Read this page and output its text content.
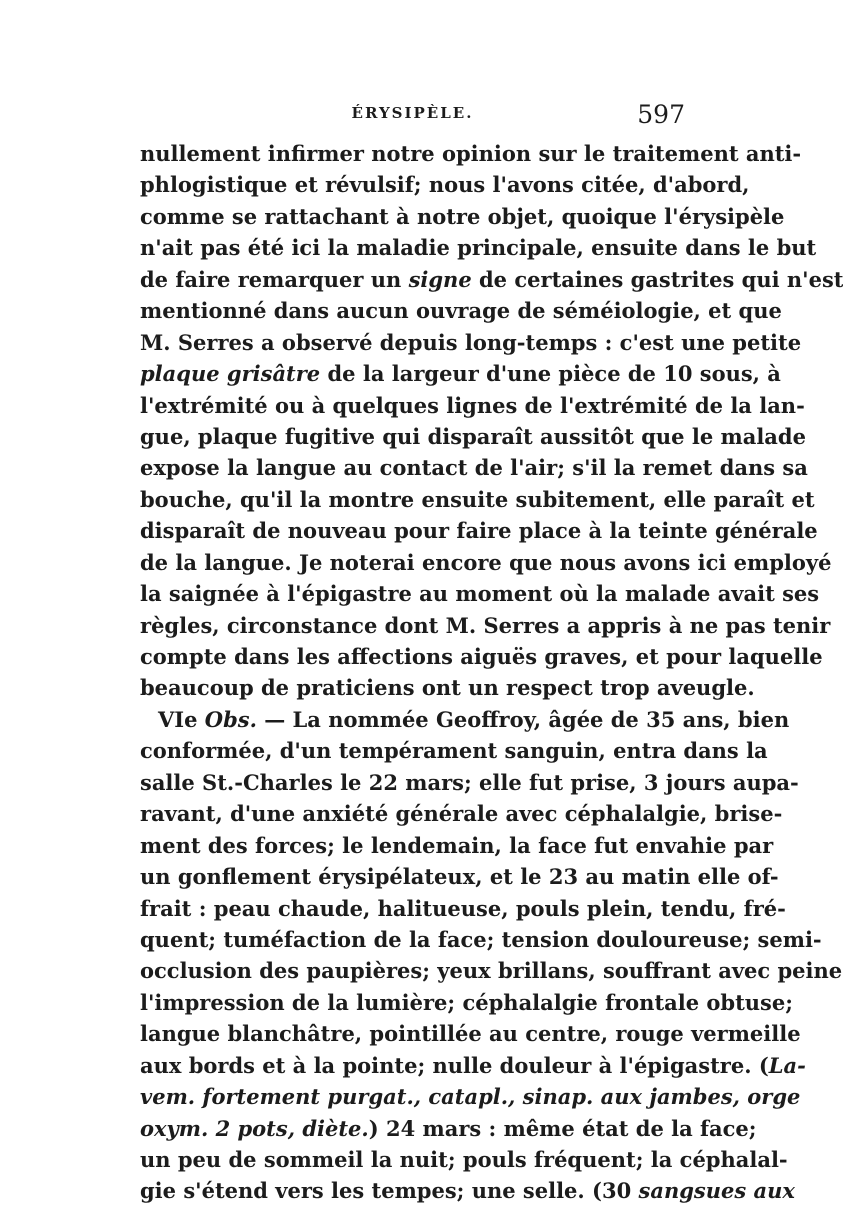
ÉRYSIPÈLE.	597
nullement infirmer notre opinion sur le traitement anti-
phlogistique et révulsif; nous l'avons citée, d'abord,
comme se rattachant à notre objet, quoique l'érysipèle
n'ait pas été ici la maladie principale, ensuite dans le but
de faire remarquer un signe de certaines gastrites qui n'est
mentionné dans aucun ouvrage de séméiologie, et que
M. Serres a observé depuis long-temps : c'est une petite
plaque grisâtre de la largeur d'une pièce de 10 sous, à
l'extrémité ou à quelques lignes de l'extrémité de la lan-
gue, plaque fugitive qui disparaît aussitôt que le malade
expose la langue au contact de l'air; s'il la remet dans sa
bouche, qu'il la montre ensuite subitement, elle paraît et
disparaît de nouveau pour faire place à la teinte générale
de la langue. Je noterai encore que nous avons ici employé
la saignée à l'épigastre au moment où la malade avait ses
règles, circonstance dont M. Serres a appris à ne pas tenir
compte dans les affections aiguës graves, et pour laquelle
beaucoup de praticiens ont un respect trop aveugle.
VIe Obs. — La nommée Geoffroy, âgée de 35 ans, bien
conformée, d'un tempérament sanguin, entra dans la
salle St.-Charles le 22 mars; elle fut prise, 3 jours aupa-
ravant, d'une anxiété générale avec céphalalgie, brise-
ment des forces; le lendemain, la face fut envahie par
un gonflement érysipélateux, et le 23 au matin elle of-
frait : peau chaude, halitueuse, pouls plein, tendu, fré-
quent; tuméfaction de la face; tension douloureuse; semi-
occlusion des paupières; yeux brillans, souffrant avec peine
l'impression de la lumière; céphalalgie frontale obtuse;
langue blanchâtre, pointillée au centre, rouge vermeille
aux bords et à la pointe; nulle douleur à l'épigastre. (La-
vem. fortement purgat., catapl., sinap. aux jambes, orge
oxym. 2 pots, diète.) 24 mars : même état de la face;
un peu de sommeil la nuit; pouls fréquent; la céphalal-
gie s'étend vers les tempes; une selle. (30 sangsues aux
